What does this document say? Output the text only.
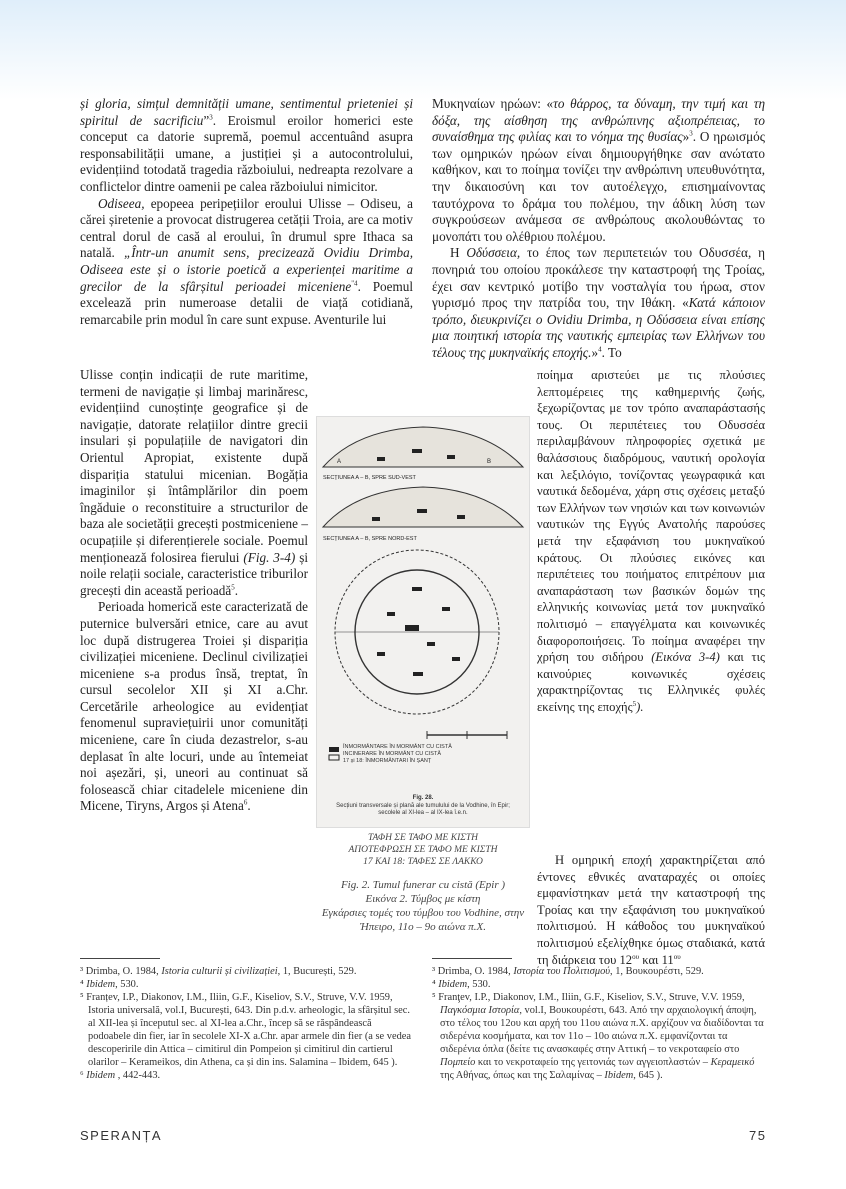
și gloria, simțul demnității umane, sentimentul prieteniei și spiritul de sacrificiu”$^3$. Eroismul eroilor homerici este conceput ca datorie supremă, poemul accentuând asupra responsabilității umane, a justiției și a autocontrolului, evidențiind totodată tragedia războiului, nedreapta rezolvare a conflictelor dintre oamenii pe calea războiului nimicitor.

Odiseea, epopeea peripețiilor eroului Ulisse – Odiseu, a cărei șiretenie a provocat distrugerea cetății Troia, are ca motiv central dorul de casă al eroului, în drumul spre Ithaca sa natală. „Într-un anumit sens, precizează Ovidiu Drimba, Odiseea este și o istorie poetică a experienței maritime a grecilor de la sfârșitul perioadei miceniene$^{"4}$. Poemul excelează prin numeroase detalii de viață cotidiană, remarcabile prin modul în care sunt expuse. Aventurile lui

Ulisse conțin indicații de rute maritime, termeni de navigație și limbaj marinăresc, evidențiind cunoștințe geografice și de navigație, datorate relațiilor dintre grecii insulari și populațiile de navigatori din Orientul Apropiat, existente după dispariția statului micenian. Bogăția imaginilor și întâmplărilor din poem îngăduie o reconstituire a structurilor de baza ale societății grecești postmiceniene – ocupațiile și diferențierele sociale. Poemul menționează folosirea fierului (Fig. 3-4) și noile relații sociale, caracteristice triburilor grecești din această perioadă$^5$.

Perioada homerică este caracterizată de puternice bulversări etnice, care au avut loc după distrugerea Troiei și dispariția civilizației miceniene. Declinul civilizației miceniene s-a produs însă, treptat, în cursul secolelor XII și XI a.Chr. Cercetările arheologice au evidențiat fenomenul supraviețuirii unor comunități miceniene, care în ciuda dezastrelor, s-au deplasat în alte locuri, unde au întemeiat noi așezări, și, uneori au continuat să folosească chiar citadelele miceniene din Micene, Tiryns, Argos și Atena$^6$.

Μυκηναίων ηρώων: «το θάρρος, τα δύναμη, την τιμή και τη δόξα, της αίσθηση της ανθρώπινης αξιοπρέπειας, το συναίσθημα της φιλίας και το νόημα της θυσίας»$^3$. Ο ηρωισμός των ομηρικών ηρώων είναι δημιουργήθηκε σαν ανώτατο καθήκον, και το ποίημα τονίζει την ανθρώπινη υπευθυνότητα, την δικαιοσύνη και τον αυτοέλεγχο, επισημαίνοντας ταυτόχρονα το δράμα του πολέμου, την άδικη λύση των συγκρούσεων ανάμεσα σε ανθρώπους ακολουθώντας το μονοπάτι του ολέθριου πολέμου.

Η Οδύσσεια, το έπος των περιπετειών του Οδυσσέα, η πονηριά του οποίου προκάλεσε την καταστροφή της Τροίας, έχει σαν κεντρικό μοτίβο την νοσταλγία του ήρωα, στον γυρισμό προς την πατρίδα του, την Ιθάκη. «Κατά κάποιον τρόπο, διευκρινίζει ο Ovidiu Drimba, η Οδύσσεια είναι επίσης μια ποιητική ιστορία της ναυτικής εμπειρίας των Ελλήνων του τέλους της μυκηναϊκής εποχής.»$^4$. Το

ποίημα αριστεύει με τις πλούσιες λεπτομέρειες της καθημερινής ζωής, ξεχωρίζοντας με τον τρόπο αναπαράστασής τους. Οι περιπέτειες του Οδυσσέα περιλαμβάνουν πληροφορίες σχετικά με θαλάσσιους διαδρόμους, ναυτική ορολογία και λεξιλόγιο, τονίζοντας γεωγραφικά και ναυτικά δεδομένα, χάρη στις σχέσεις μεταξύ των Ελλήνων των νησιών και των κοινωνιών ναυτικών της Εγγύς Ανατολής παρούσες μετά την εξαφάνιση του μυκηναϊκού κράτους. Οι πλούσιες εικόνες και περιπέτειες του ποιήματος επιτρέπουν μια αναπαράσταση των βασικών δομών της ελληνικής κοινωνίας μετά τον μυκηναϊκό πολιτισμό – επαγγέλματα και κοινωνικές διαφοροποιήσεις. Το ποίημα αναφέρει την χρήση του σιδήρου (Εικόνα 3-4) και τις καινούριες κοινωνικές σχέσεις χαρακτηρίζοντας τις Ελληνικές φυλές εκείνης της εποχής$^5$).

Η ομηρική εποχή χαρακτηρίζεται από έντονες εθνικές αναταραχές οι οποίες εμφανίστηκαν μετά την καταστροφή της Τροίας και την εξαφάνιση του μυκηναϊκού πολιτισμού. Η κάθοδος του μυκηναϊκού πολιτισμού εξελίχθηκε όμως σταδιακά, κατά τη διάρκεια του $12^{o\upsilon}$ και $11^{o\upsilon}$

A	B
SECȚIUNEA A – B, SPRE SUD-VEST
SECȚIUNEA A – B, SPRE NORD-EST
ÎNMORMÂNTARE ÎN MORMÂNT CU CISTĂ
INCINERARE ÎN MORMÂNT CU CISTĂ
17 și 18: ÎNMORMÂNTARI ÎN ȘANȚ
Fig. 28.
Secțiuni transversale și plană ale tumulului de la Vodhine, în Epir; secolele al XI-lea – al IX-lea î.e.n.
ΤΑΦΗ ΣΕ ΤΑΦΟ ΜΕ ΚΙΣΤΗ
ΑΠΟΤΕΦΡΩΣΗ ΣΕ ΤΑΦΟ ΜΕ ΚΙΣΤΗ
17 ΚΑΙ 18: ΤΑΦΕΣ ΣΕ ΛΑΚΚΟ
Fig. 2. Tumul funerar cu cistă (Epir )
Εικόνα 2. Τύμβος με κίστη
Εγκάρσιες τομές του τύμβου του Vodhine, στην Ήπειρο, 11ο – 9ο αιώνα π.Χ.

³ Drimba, O. 1984, Istoria culturii și civilizației, 1, București, 529.

⁴ Ibidem, 530.

⁵ Franțev, I.P., Diakonov, I.M., Iliin, G.F., Kiseliov, S.V., Struve, V.V. 1959, Istoria universală, vol.I, București, 643. Din p.d.v. arheologic, la sfârșitul sec. al XII-lea și începutul sec. al XI-lea a.Chr., încep să se răspândească podoabele din fier, iar în secolele XI-X a.Chr. apar armele din fier (a se vedea descoperirile din Attica – cimitirul din Pompeion și cimitirul din cartierul olarilor – Kerameikos, din Athena, ca și din ins. Salamina – Ibidem, 645 ).

⁶ Ibidem , 442-443.

³ Drimba, O. 1984, Ιστορία του Πολιτισμού, 1, Βουκουρέστι, 529.

⁴ Ibidem, 530.

⁵ Franţev, I.P., Diakonov, I.M., Iliin, G.F., Kiseliov, S.V., Struve, V.V. 1959, Παγκόσμια Ιστορία, vol.I, Βουκουρέστι, 643. Από την αρχαιολογική άποψη, στο τέλος του 12ου και αρχή του 11ου αιώνα π.Χ. αρχίζουν να διαδίδονται τα σιδερένια κοσμήματα, και τον 11ο – 10ο αιώνα π.Χ. εμφανίζονται τα σιδερένια όπλα (δείτε τις ανασκαφές στην Αττική – το νεκροταφείο στο Πομπείο και το νεκροταφείο της γειτονιάς των αγγειοπλαστών – Κεραμεικό της Αθήνας, όπως και της Σαλαμίνας – Ibidem, 645 ).

SPERANȚA	75
